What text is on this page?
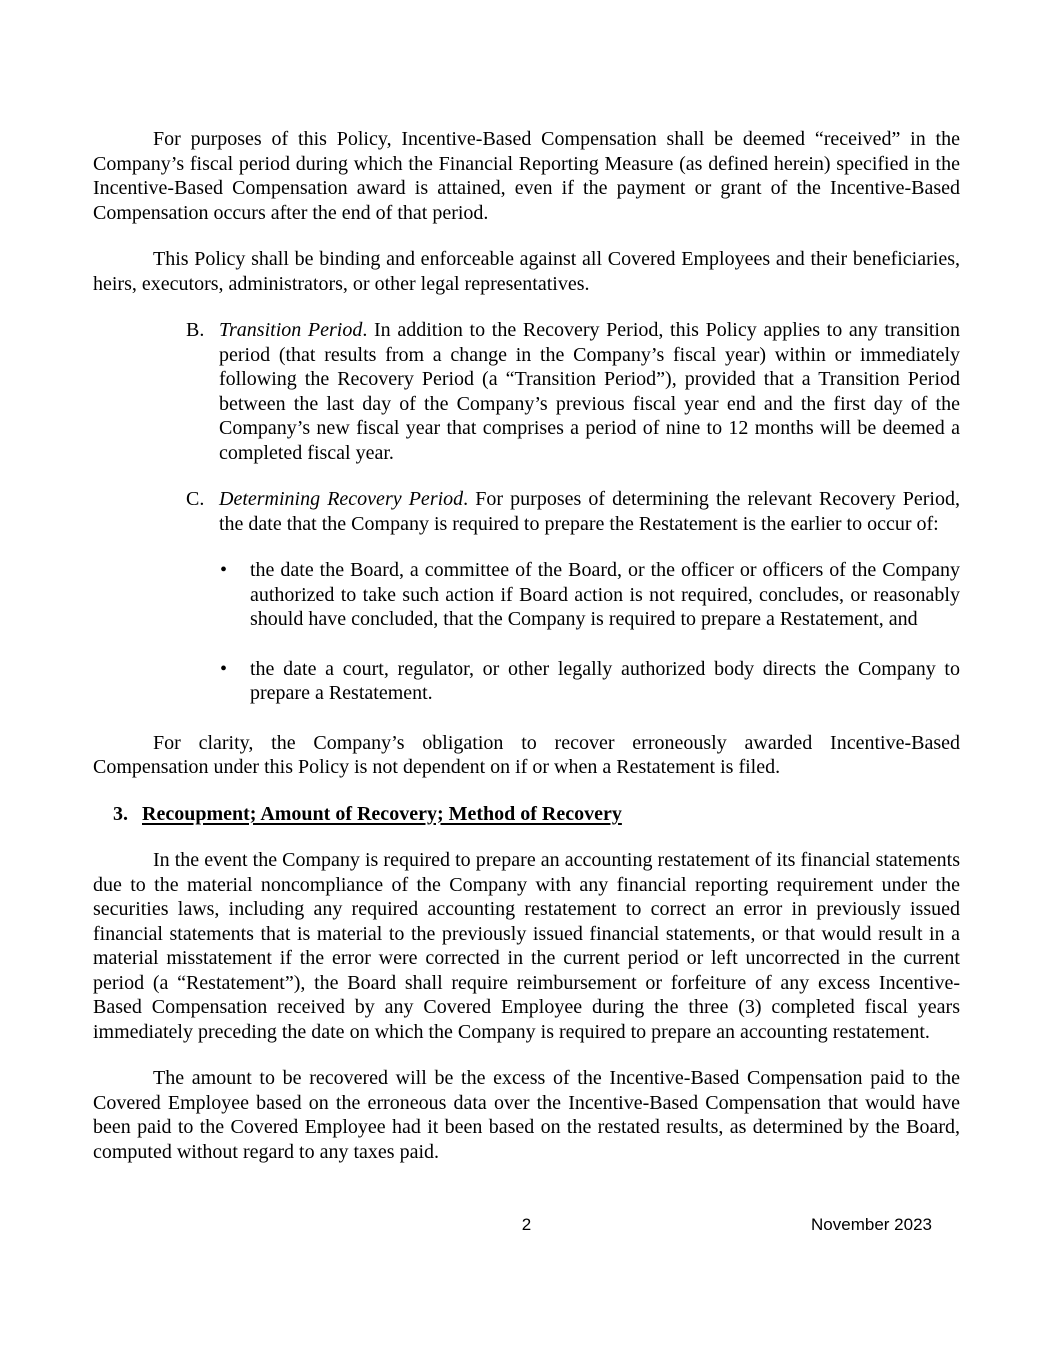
For purposes of this Policy, Incentive-Based Compensation shall be deemed “received” in the Company’s fiscal period during which the Financial Reporting Measure (as defined herein) specified in the Incentive-Based Compensation award is attained, even if the payment or grant of the Incentive-Based Compensation occurs after the end of that period.

This Policy shall be binding and enforceable against all Covered Employees and their beneficiaries, heirs, executors, administrators, or other legal representatives.

B. Transition Period. In addition to the Recovery Period, this Policy applies to any transition period (that results from a change in the Company’s fiscal year) within or immediately following the Recovery Period (a “Transition Period”), provided that a Transition Period between the last day of the Company’s previous fiscal year end and the first day of the Company’s new fiscal year that comprises a period of nine to 12 months will be deemed a completed fiscal year.
C. Determining Recovery Period. For purposes of determining the relevant Recovery Period, the date that the Company is required to prepare the Restatement is the earlier to occur of:
•	the date the Board, a committee of the Board, or the officer or officers of the Company authorized to take such action if Board action is not required, concludes, or reasonably should have concluded, that the Company is required to prepare a Restatement, and
•	the date a court, regulator, or other legally authorized body directs the Company to prepare a Restatement.

For clarity, the Company’s obligation to recover erroneously awarded Incentive-Based Compensation under this Policy is not dependent on if or when a Restatement is filed.

3. Recoupment; Amount of Recovery; Method of Recovery

In the event the Company is required to prepare an accounting restatement of its financial statements due to the material noncompliance of the Company with any financial reporting requirement under the securities laws, including any required accounting restatement to correct an error in previously issued financial statements that is material to the previously issued financial statements, or that would result in a material misstatement if the error were corrected in the current period or left uncorrected in the current period (a “Restatement”), the Board shall require reimbursement or forfeiture of any excess Incentive-Based Compensation received by any Covered Employee during the three (3) completed fiscal years immediately preceding the date on which the Company is required to prepare an accounting restatement.

The amount to be recovered will be the excess of the Incentive-Based Compensation paid to the Covered Employee based on the erroneous data over the Incentive-Based Compensation that would have been paid to the Covered Employee had it been based on the restated results, as determined by the Board, computed without regard to any taxes paid.

2	November 2023
